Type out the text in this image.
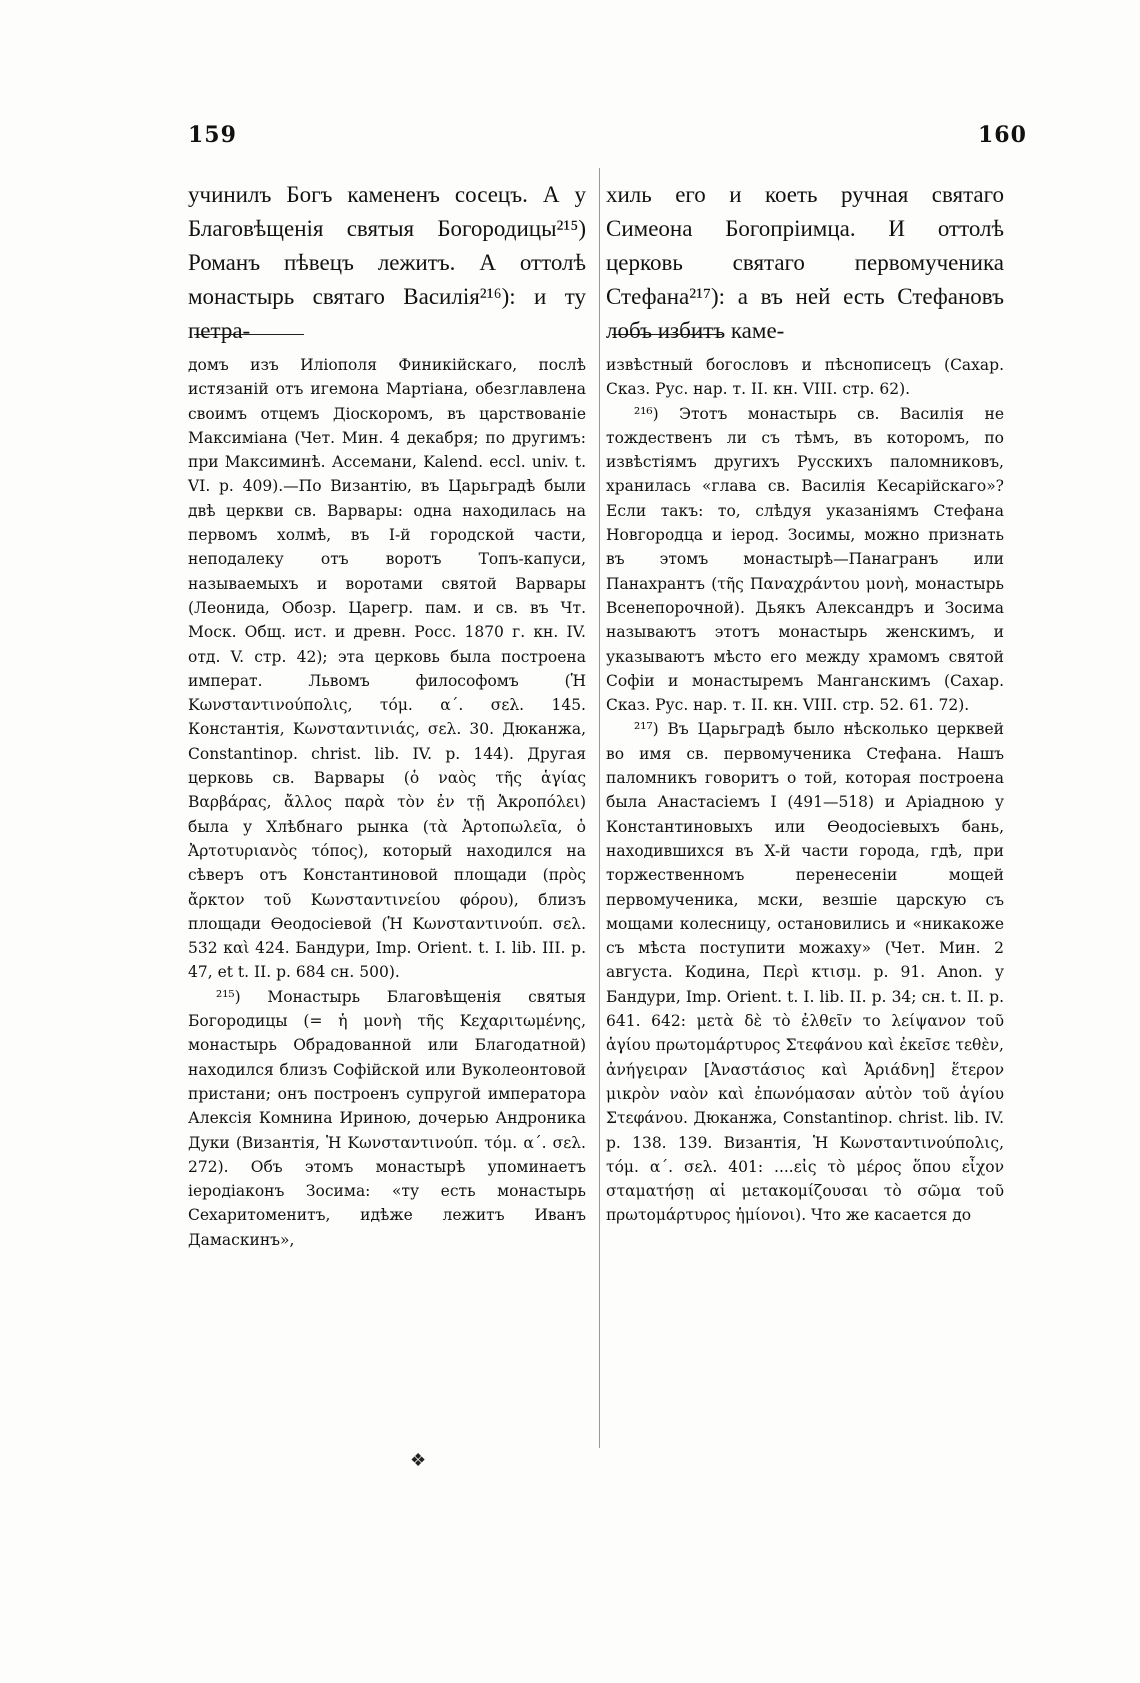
159	160

учинилъ Богъ камененъ сосецъ. А у Благовѣщенія святыя Богородицы²¹⁵) Романъ пѣвецъ лежитъ. А оттолѣ монастырь святаго Василія²¹⁶): и ту петра-

домъ изъ Иліополя Финикійскаго, послѣ истязаній отъ игемона Мартіана, обезглавлена своимъ отцемъ Діоскоромъ, въ царствованіе Максиміана (Чет. Мин. 4 декабря; по другимъ: при Максиминѣ. Ассемани, Kalend. eccl. univ. t. VI. p. 409).—По Византію, въ Царьградѣ были двѣ церкви св. Варвары: одна находилась на первомъ холмѣ, въ I-й городской части, неподалеку отъ воротъ Топъ-капуси, называемыхъ и воротами святой Варвары (Леонида, Обозр. Царегр. пам. и св. въ Чт. Моск. Общ. ист. и древн. Росс. 1870 г. кн. IV. отд. V. стр. 42); эта церковь была построена императ. Львомъ философомъ (Ἡ Κωνσταντινούπολις, τόμ. α΄. σελ. 145. Константія, Κωνσταντινιάς, σελ. 30. Дюканжа, Constantinop. christ. lib. IV. p. 144). Другая церковь св. Варвары (ὁ ναὸς τῆς ἁγίας Βαρβάρας, ἄλλος παρὰ τὸν ἐν τῇ Ἀκροπόλει) была у Хлѣбнаго рынка (τὰ Ἀρτοπωλεῖα, ὁ Ἀρτοτυριανὸς τόπος), который находился на сѣверъ отъ Константиновой площади (πρὸς ἄρκτον τοῦ Κωνσταντινείου φόρου), близъ площади Ѳеодосіевой (Ἡ Κωνσταντινούπ. σελ. 532 καὶ 424. Бандури, Imp. Orient. t. I. lib. III. p. 47, et t. II. p. 684 сн. 500).

²¹⁵) Монастырь Благовѣщенія святыя Богородицы (= ἡ μονὴ τῆς Κεχαριτωμένης, монастырь Обрадованной или Благодатной) находился близъ Софійской или Вуколеонтовой пристани; онъ построенъ супругой императора Алексія Комнина Ириною, дочерью Андроника Дуки (Византія, Ἡ Κωνσταντινούπ. τόμ. α΄. σελ. 272). Объ этомъ монастырѣ упоминаетъ іеродіаконъ Зосима: «ту есть монастырь Сехаритоменитъ, идѣже лежитъ Иванъ Дамаскинъ»,

хиль его и коеть ручная святаго Симеона Богопріимца. И оттолѣ церковь святаго первомученика Стефана²¹⁷): а въ ней есть Стефановъ лобъ избитъ каме-

извѣстный богословъ и пѣснописецъ (Сахар. Сказ. Рус. нар. т. II. кн. VIII. стр. 62).

²¹⁶) Этотъ монастырь св. Василія не тождественъ ли съ тѣмъ, въ которомъ, по извѣстіямъ другихъ Русскихъ паломниковъ, хранилась «глава св. Василія Кесарійскаго»? Если такъ: то, слѣдуя указаніямъ Стефана Новгородца и іерод. Зосимы, можно признать въ этомъ монастырѣ—Панагранъ или Панахрантъ (τῆς Παναχράντου μονὴ, монастырь Всенепорочной). Дьякъ Александръ и Зосима называютъ этотъ монастырь женскимъ, и указываютъ мѣсто его между храмомъ святой Софіи и монастыремъ Манганскимъ (Сахар. Сказ. Рус. нар. т. II. кн. VIII. стр. 52. 61. 72).

²¹⁷) Въ Царьградѣ было нѣсколько церквей во имя св. первомученика Стефана. Нашъ паломникъ говоритъ о той, которая построена была Анастасіемъ I (491—518) и Аріадною у Константиновыхъ или Ѳеодосіевыхъ бань, находившихся въ X-й части города, гдѣ, при торжественномъ перенесеніи мощей первомученика, мски, везшіе царскую съ мощами колесницу, остановились и «никакоже съ мѣста поступити можаху» (Чет. Мин. 2 августа. Кодина, Περὶ κτισμ. p. 91. Anon. у Бандури, Imp. Orient. t. I. lib. II. p. 34; сн. t. II. p. 641. 642: μετὰ δὲ τὸ ἐλθεῖν το λείψανον τοῦ ἁγίου πρωτομάρτυρος Στεφάνου καὶ ἐκεῖσε τεθὲν, ἀνήγειραν [Ἀναστάσιος καὶ Ἀριάδνη] ἕτερον μικρὸν ναὸν καὶ ἐπωνόμασαν αὐτὸν τοῦ ἁγίου Στεφάνου. Дюканжа, Constantinop. christ. lib. IV. p. 138. 139. Византія, Ἡ Κωνσταντινούπολις, τόμ. α΄. σελ. 401: ....εἰς τὸ μέρος ὅπου εἶχον σταματήσῃ αἱ μετακομίζουσαι τὸ σῶμα τοῦ πρωτομάρτυρος ἡμίονοι). Что же касается до

❖
